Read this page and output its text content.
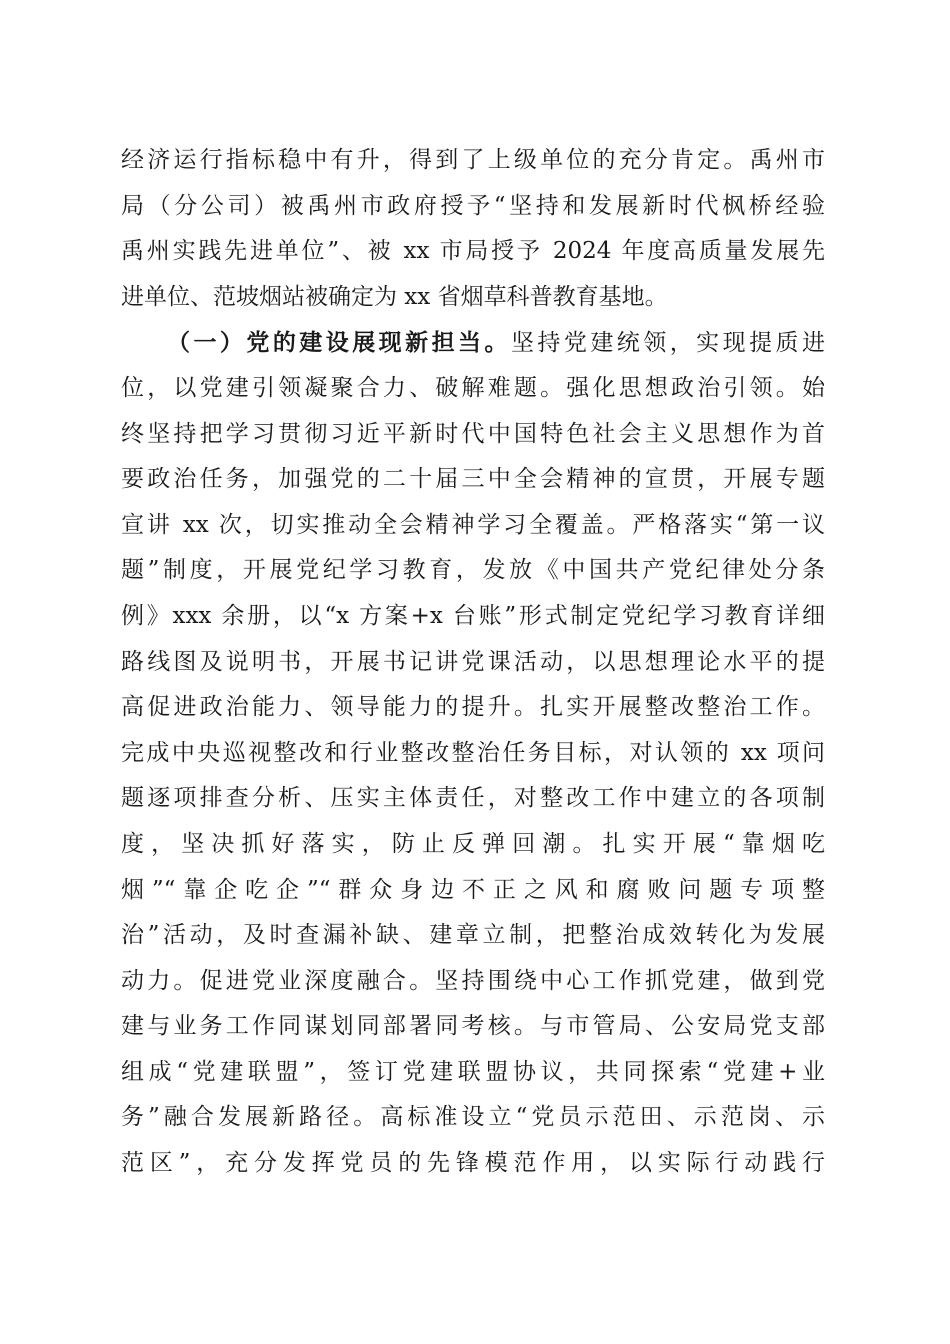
经济运行指标稳中有升，得到了上级单位的充分肯定。禹州市
局（分公司）被禹州市政府授予“坚持和发展新时代枫桥经验
禹州实践先进单位”、被 xx 市局授予 2024 年度高质量发展先
进单位、范坡烟站被确定为 xx 省烟草科普教育基地。
（一）党的建设展现新担当。坚持党建统领，实现提质进
位，以党建引领凝聚合力、破解难题。强化思想政治引领。始
终坚持把学习贯彻习近平新时代中国特色社会主义思想作为首
要政治任务，加强党的二十届三中全会精神的宣贯，开展专题
宣讲 xx 次，切实推动全会精神学习全覆盖。严格落实“第一议
题”制度，开展党纪学习教育，发放《中国共产党纪律处分条
例》xxx 余册，以“x 方案+x 台账”形式制定党纪学习教育详细
路线图及说明书，开展书记讲党课活动，以思想理论水平的提
高促进政治能力、领导能力的提升。扎实开展整改整治工作。
完成中央巡视整改和行业整改整治任务目标，对认领的 xx 项问
题逐项排查分析、压实主体责任，对整改工作中建立的各项制
度，坚决抓好落实，防止反弹回潮。扎实开展“靠烟吃
烟”“靠企吃企”“群众身边不正之风和腐败问题专项整
治”活动，及时查漏补缺、建章立制，把整治成效转化为发展
动力。促进党业深度融合。坚持围绕中心工作抓党建，做到党
建与业务工作同谋划同部署同考核。与市管局、公安局党支部
组成“党建联盟”，签订党建联盟协议，共同探索“党建+业
务”融合发展新路径。高标准设立“党员示范田、示范岗、示
范区”，充分发挥党员的先锋模范作用，以实际行动践行
